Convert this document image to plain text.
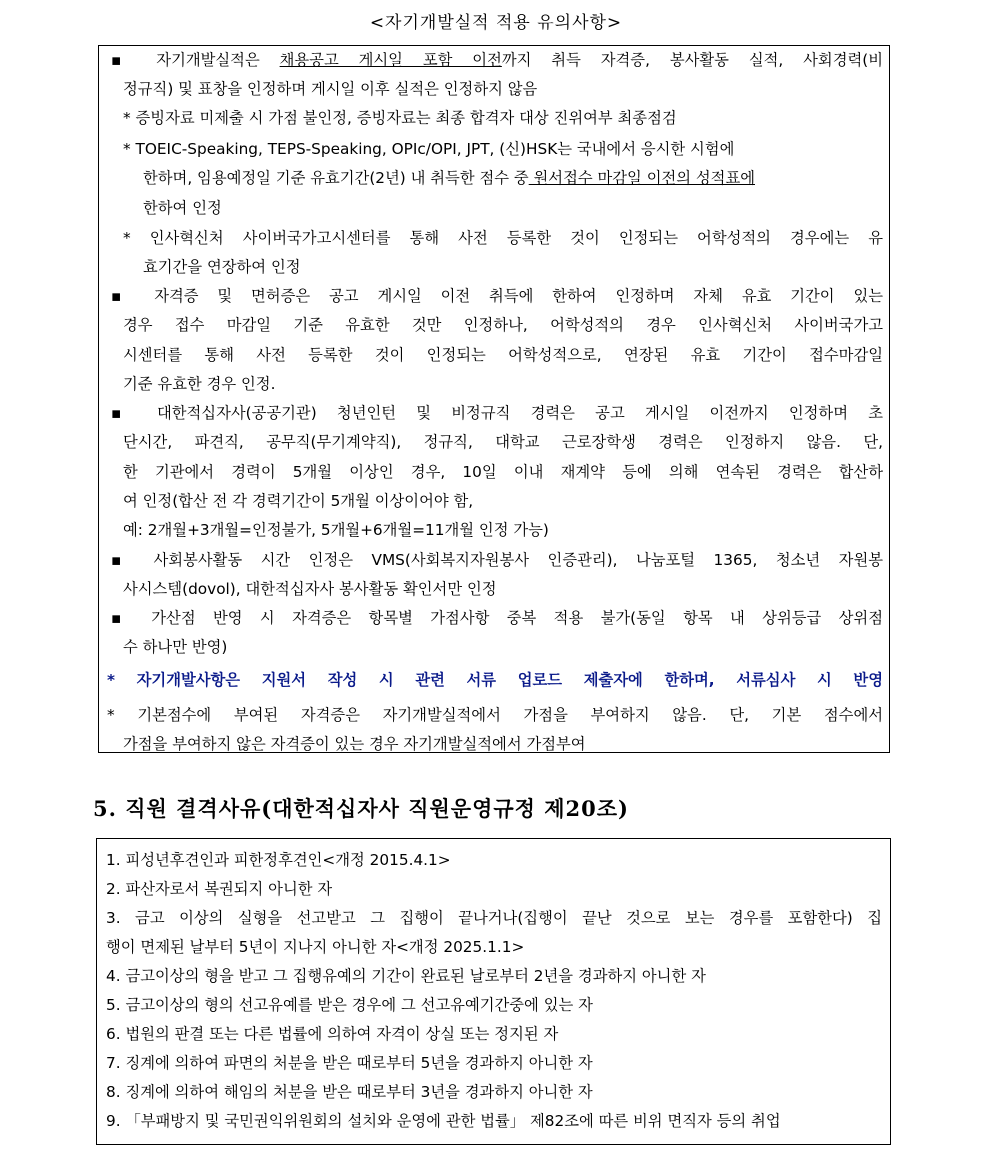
<자기개발실적 적용 유의사항>
▪ 자기개발실적은 채용공고 게시일 포함 이전까지 취득 자격증, 봉사활동 실적, 사회경력(비
정규직) 및 표창을 인정하며 게시일 이후 실적은 인정하지 않음
* 증빙자료 미제출 시 가점 불인정, 증빙자료는 최종 합격자 대상 진위여부 최종점검
* TOEIC-Speaking, TEPS-Speaking, OPIc/OPI, JPT, (신)HSK는 국내에서 응시한 시험에
한하며, 임용예정일 기준 유효기간(2년) 내 취득한 점수 중 원서접수 마감일 이전의 성적표에
한하여 인정
* 인사혁신처 사이버국가고시센터를 통해 사전 등록한 것이 인정되는 어학성적의 경우에는 유
효기간을 연장하여 인정
▪ 자격증 및 면허증은 공고 게시일 이전 취득에 한하여 인정하며 자체 유효 기간이 있는
경우 접수 마감일 기준 유효한 것만 인정하나, 어학성적의 경우 인사혁신처 사이버국가고
시센터를 통해 사전 등록한 것이 인정되는 어학성적으로, 연장된 유효 기간이 접수마감일
기준 유효한 경우 인정.
▪ 대한적십자사(공공기관) 청년인턴 및 비정규직 경력은 공고 게시일 이전까지 인정하며 초
단시간, 파견직, 공무직(무기계약직), 정규직, 대학교 근로장학생 경력은 인정하지 않음. 단,
한 기관에서 경력이 5개월 이상인 경우, 10일 이내 재계약 등에 의해 연속된 경력은 합산하
여 인정(합산 전 각 경력기간이 5개월 이상이어야 함,
예: 2개월+3개월=인정불가, 5개월+6개월=11개월 인정 가능)
▪ 사회봉사활동 시간 인정은 VMS(사회복지자원봉사 인증관리), 나눔포털 1365, 청소년 자원봉
사시스템(dovol), 대한적십자사 봉사활동 확인서만 인정
▪ 가산점 반영 시 자격증은 항목별 가점사항 중복 적용 불가(동일 항목 내 상위등급 상위점
수 하나만 반영)
* 자기개발사항은 지원서 작성 시 관련 서류 업로드 제출자에 한하며, 서류심사 시 반영
* 기본점수에 부여된 자격증은 자기개발실적에서 가점을 부여하지 않음. 단, 기본 점수에서
가점을 부여하지 않은 자격증이 있는 경우 자기개발실적에서 가점부여
5. 직원 결격사유(대한적십자사 직원운영규정 제20조)
1. 피성년후견인과 피한정후견인<개정 2015.4.1>
2. 파산자로서 복권되지 아니한 자
3. 금고 이상의 실형을 선고받고 그 집행이 끝나거나(집행이 끝난 것으로 보는 경우를 포함한다) 집
행이 면제된 날부터 5년이 지나지 아니한 자<개정 2025.1.1>
4. 금고이상의 형을 받고 그 집행유예의 기간이 완료된 날로부터 2년을 경과하지 아니한 자
5. 금고이상의 형의 선고유예를 받은 경우에 그 선고유예기간중에 있는 자
6. 법원의 판결 또는 다른 법률에 의하여 자격이 상실 또는 정지된 자
7. 징계에 의하여 파면의 처분을 받은 때로부터 5년을 경과하지 아니한 자
8. 징계에 의하여 해임의 처분을 받은 때로부터 3년을 경과하지 아니한 자
9. 「부패방지 및 국민권익위원회의 설치와 운영에 관한 법률」 제82조에 따른 비위 면직자 등의 취업
